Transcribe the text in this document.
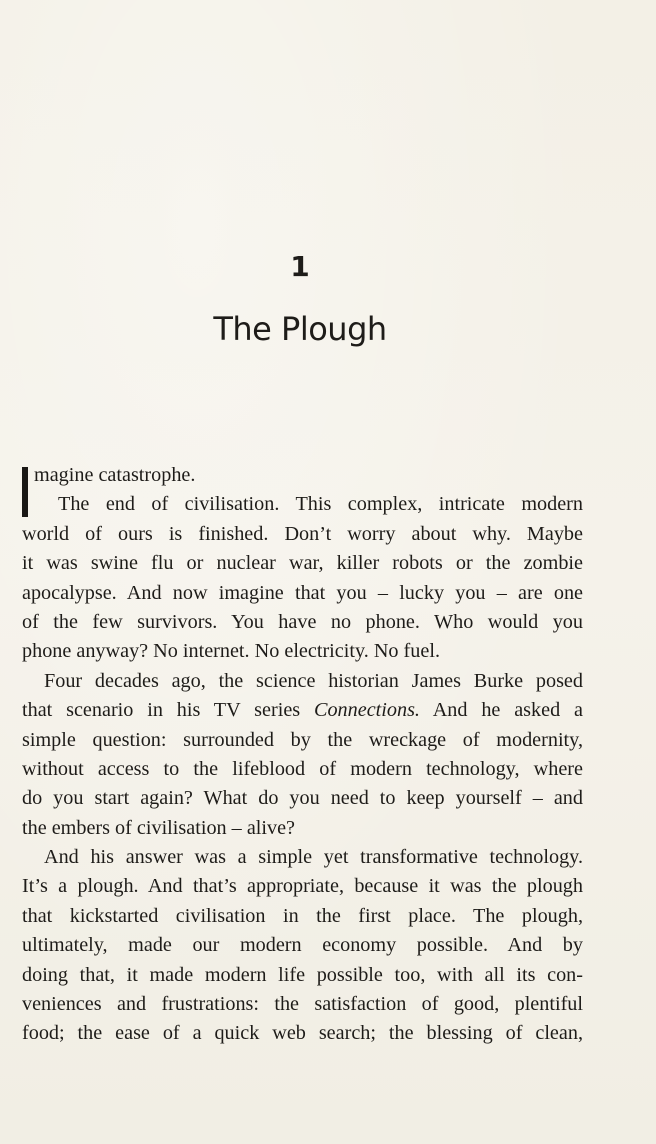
1
The Plough
magine catastrophe.
The end of civilisation. This complex, intricate modern
world of ours is finished. Don’t worry about why. Maybe
it was swine flu or nuclear war, killer robots or the zombie
apocalypse. And now imagine that you – lucky you – are one
of the few survivors. You have no phone. Who would you
phone anyway? No internet. No electricity. No fuel.
Four decades ago, the science historian James Burke posed
that scenario in his TV series Connections. And he asked a
simple question: surrounded by the wreckage of modernity,
without access to the lifeblood of modern technology, where
do you start again? What do you need to keep yourself – and
the embers of civilisation – alive?
And his answer was a simple yet transformative technology.
It’s a plough. And that’s appropriate, because it was the plough
that kickstarted civilisation in the first place. The plough,
ultimately, made our modern economy possible. And by
doing that, it made modern life possible too, with all its con-
veniences and frustrations: the satisfaction of good, plentiful
food; the ease of a quick web search; the blessing of clean,
